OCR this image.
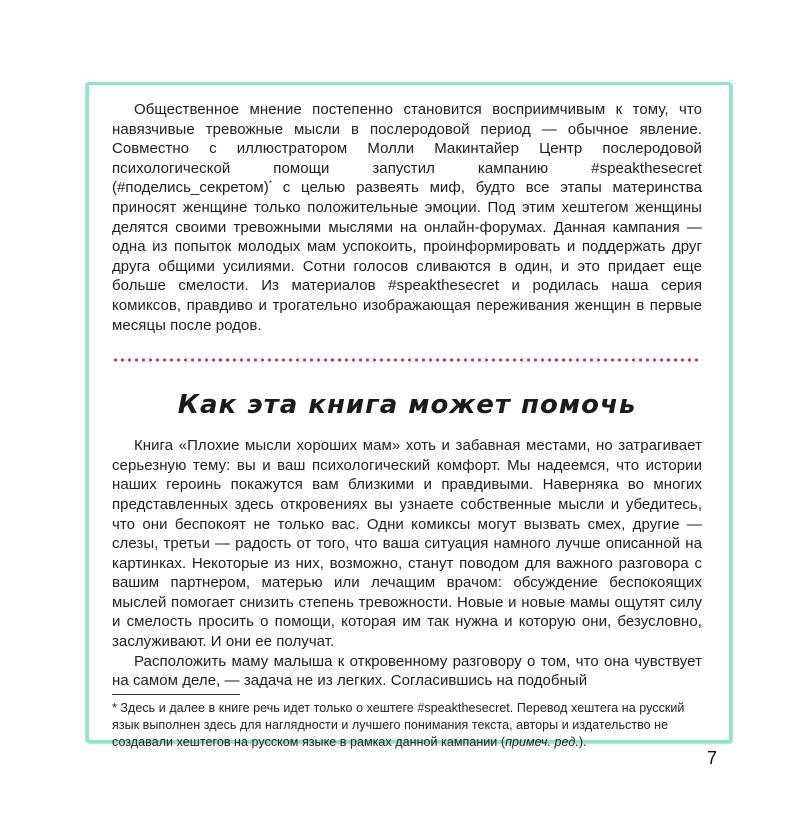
Общественное мнение постепенно становится восприимчивым к тому, что навязчивые тревожные мысли в послеродовой период — обычное явление. Совместно с иллюстратором Молли Макинтайер Центр послеродовой психологической помощи запустил кампанию #speakthesecret (#поделись_секретом)* с целью развеять миф, будто все этапы материнства приносят женщине только положительные эмоции. Под этим хештегом женщины делятся своими тревожными мыслями на онлайн-форумах. Данная кампания — одна из попыток молодых мам успокоить, проинформировать и поддержать друг друга общими усилиями. Сотни голосов сливаются в один, и это придает еще больше смелости. Из материалов #speakthesecret и родилась наша серия комиксов, правдиво и трогательно изображающая переживания женщин в первые месяцы после родов.

Как эта книга может помочь

Книга «Плохие мысли хороших мам» хоть и забавная местами, но затрагивает серьезную тему: вы и ваш психологический комфорт. Мы надеемся, что истории наших героинь покажутся вам близкими и правдивыми. Наверняка во многих представленных здесь откровениях вы узнаете собственные мысли и убедитесь, что они беспокоят не только вас. Одни комиксы могут вызвать смех, другие — слезы, третьи — радость от того, что ваша ситуация намного лучше описанной на картинках. Некоторые из них, возможно, станут поводом для важного разговора с вашим партнером, матерью или лечащим врачом: обсуждение беспокоящих мыслей помогает снизить степень тревожности. Новые и новые мамы ощутят силу и смелость просить о помощи, которая им так нужна и которую они, безусловно, заслуживают. И они ее получат.

Расположить маму малыша к откровенному разговору о том, что она чувствует на самом деле, — задача не из легких. Согласившись на подобный

* Здесь и далее в книге речь идет только о хештеге #speakthesecret. Перевод хештега на русский язык выполнен здесь для наглядности и лучшего понимания текста, авторы и издательство не создавали хештегов на русском языке в рамках данной кампании (примеч. ред.).

7
